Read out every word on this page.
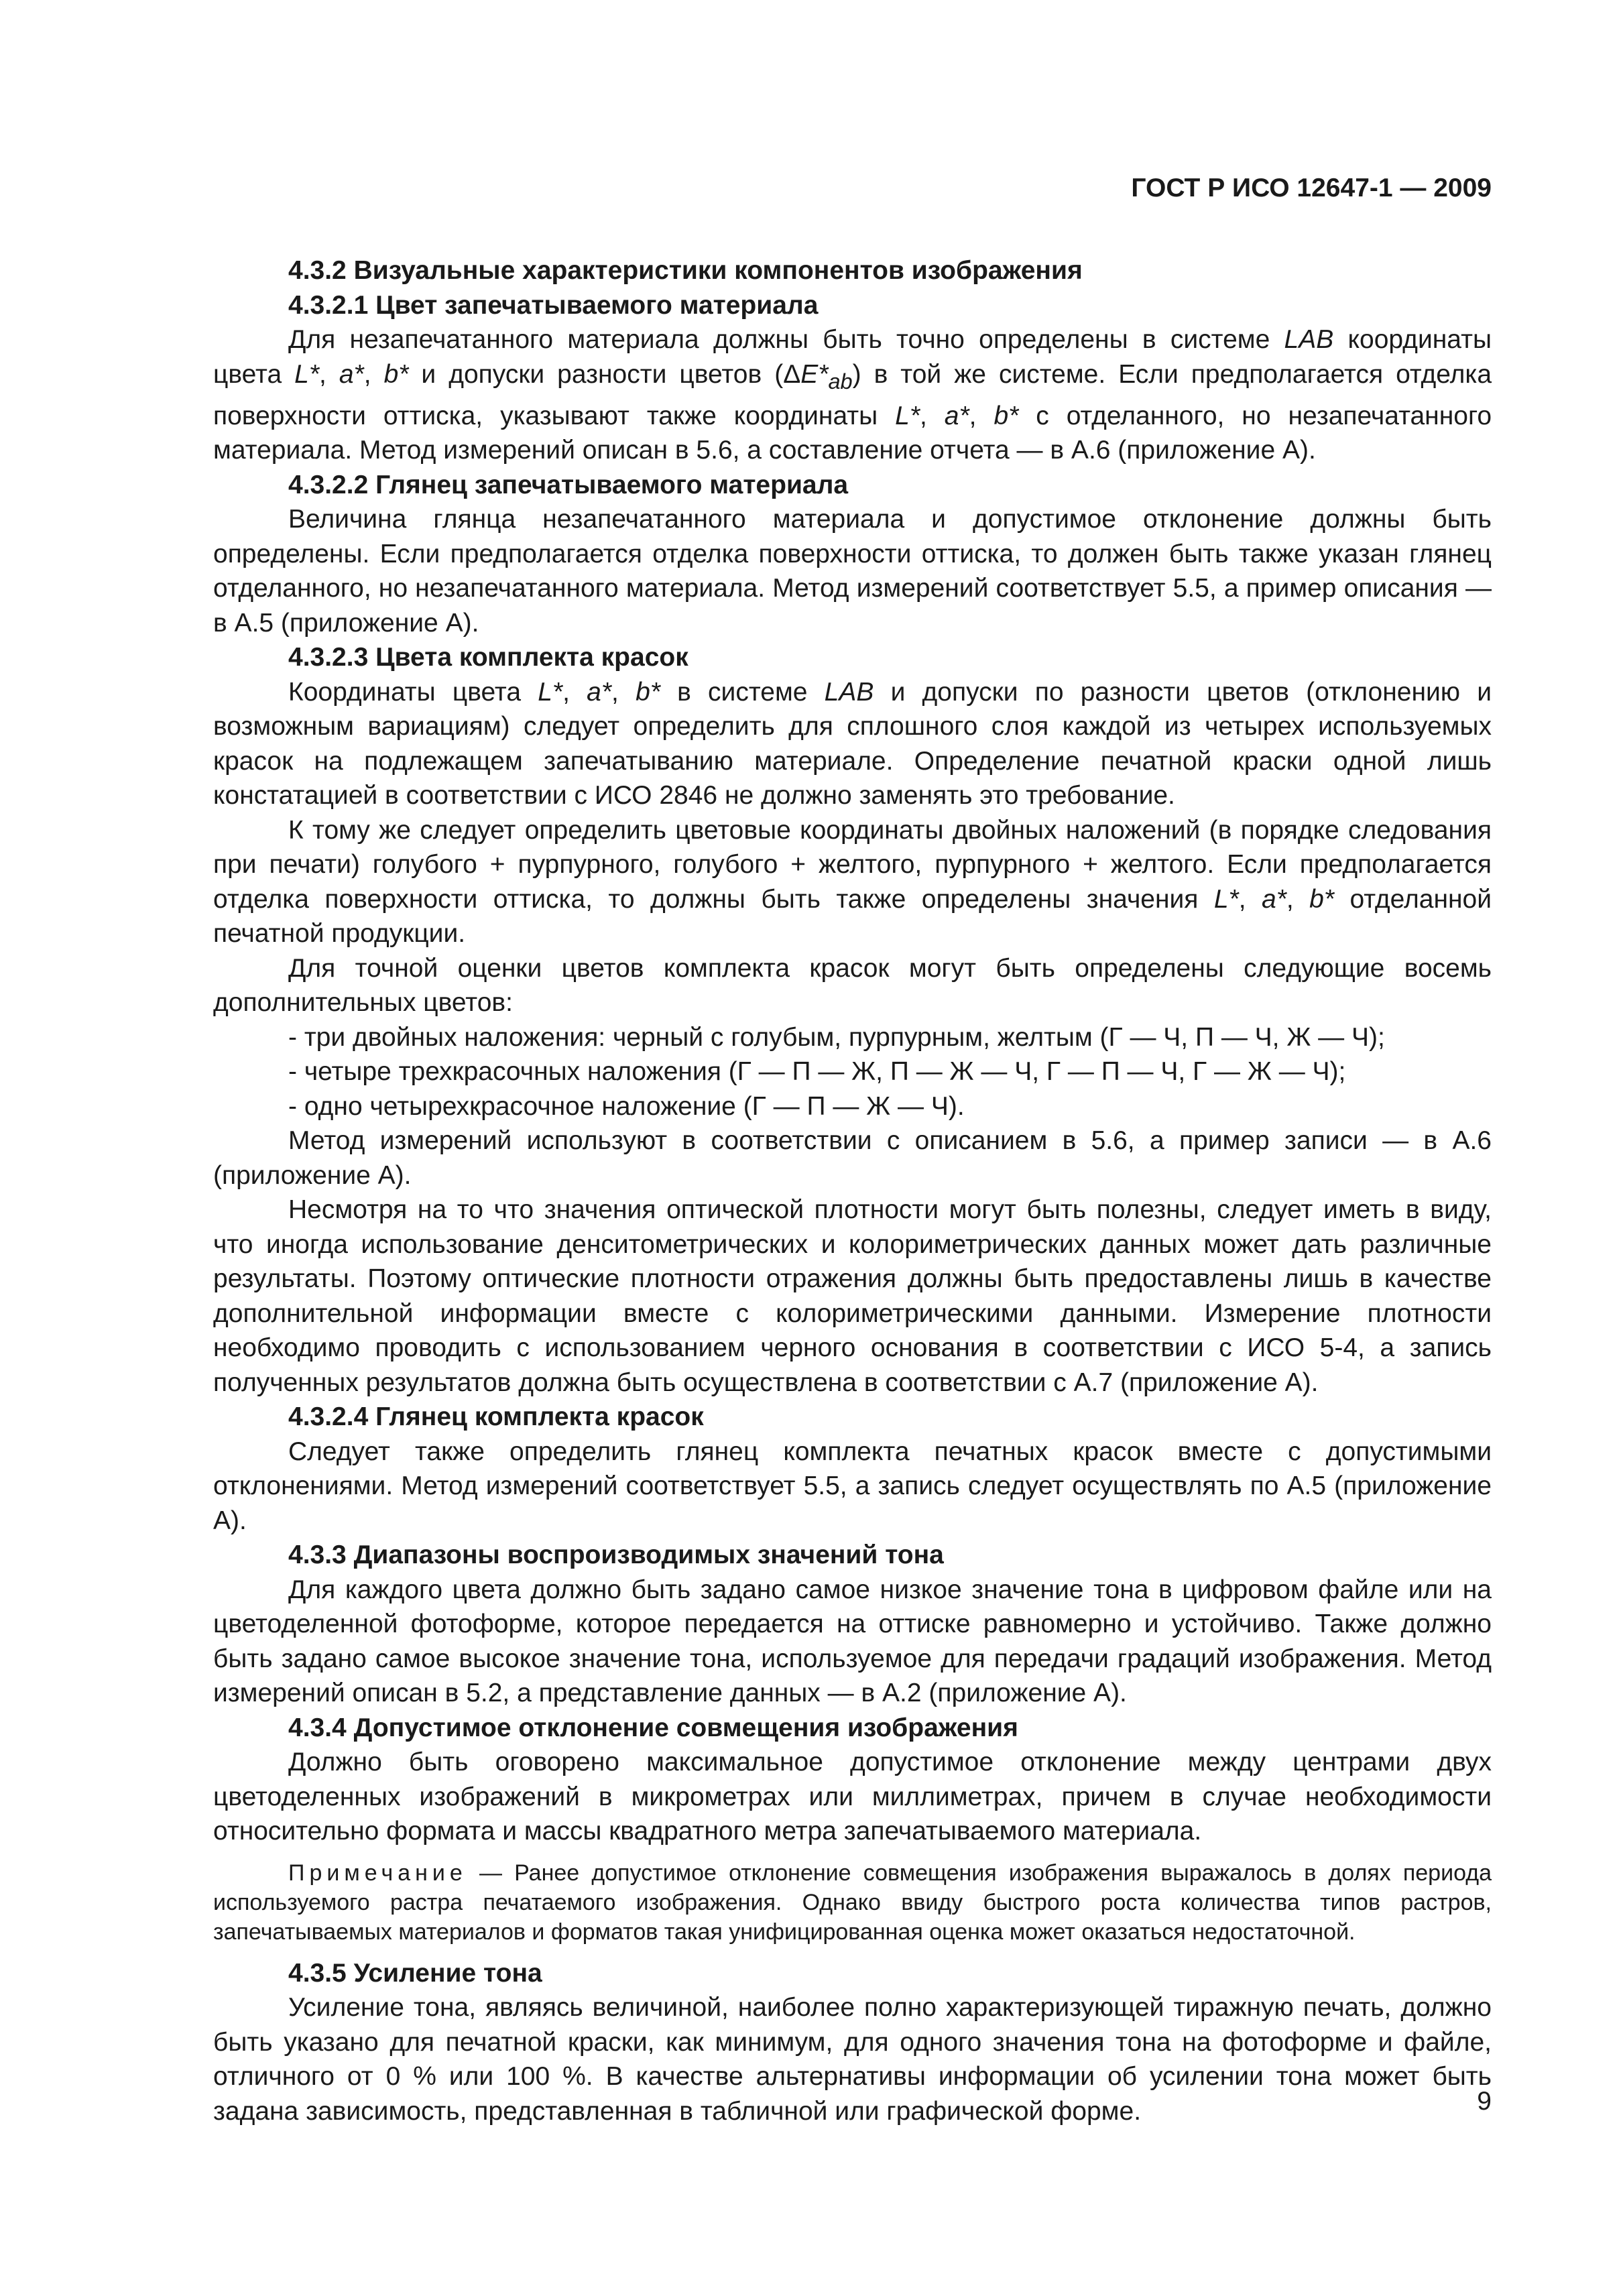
ГОСТ Р ИСО 12647-1 — 2009

4.3.2 Визуальные характеристики компонентов изображения

4.3.2.1 Цвет запечатываемого материала

Для незапечатанного материала должны быть точно определены в системе LAB координаты цвета L*, a*, b* и допуски разности цветов $(\Delta E*_{ab})$ в той же системе. Если предполагается отделка поверхности оттиска, указывают также координаты L*, a*, b* с отделанного, но незапечатанного материала. Метод измерений описан в 5.6, а составление отчета — в А.6 (приложение А).

4.3.2.2 Глянец запечатываемого материала

Величина глянца незапечатанного материала и допустимое отклонение должны быть определены. Если предполагается отделка поверхности оттиска, то должен быть также указан глянец отделанного, но незапечатанного материала. Метод измерений соответствует 5.5, а пример описания — в А.5 (приложение А).

4.3.2.3 Цвета комплекта красок

Координаты цвета L*, a*, b* в системе LAB и допуски по разности цветов (отклонению и возможным вариациям) следует определить для сплошного слоя каждой из четырех используемых красок на подлежащем запечатыванию материале. Определение печатной краски одной лишь констатацией в соответствии с ИСО 2846 не должно заменять это требование.

К тому же следует определить цветовые координаты двойных наложений (в порядке следования при печати) голубого + пурпурного, голубого + желтого, пурпурного + желтого. Если предполагается отделка поверхности оттиска, то должны быть также определены значения L*, a*, b* отделанной печатной продукции.

Для точной оценки цветов комплекта красок могут быть определены следующие восемь дополнительных цветов:

- три двойных наложения: черный с голубым, пурпурным, желтым (Г — Ч, П — Ч, Ж — Ч);

- четыре трехкрасочных наложения (Г — П — Ж, П — Ж — Ч, Г — П — Ч, Г — Ж — Ч);

- одно четырехкрасочное наложение (Г — П — Ж — Ч).

Метод измерений используют в соответствии с описанием в 5.6, а пример записи — в А.6 (приложение А).

Несмотря на то что значения оптической плотности могут быть полезны, следует иметь в виду, что иногда использование денситометрических и колориметрических данных может дать различные результаты. Поэтому оптические плотности отражения должны быть предоставлены лишь в качестве дополнительной информации вместе с колориметрическими данными. Измерение плотности необходимо проводить с использованием черного основания в соответствии с ИСО 5-4, а запись полученных результатов должна быть осуществлена в соответствии с А.7 (приложение А).

4.3.2.4 Глянец комплекта красок

Следует также определить глянец комплекта печатных красок вместе с допустимыми отклонениями. Метод измерений соответствует 5.5, а запись следует осуществлять по А.5 (приложение А).

4.3.3 Диапазоны воспроизводимых значений тона

Для каждого цвета должно быть задано самое низкое значение тона в цифровом файле или на цветоделенной фотоформе, которое передается на оттиске равномерно и устойчиво. Также должно быть задано самое высокое значение тона, используемое для передачи градаций изображения. Метод измерений описан в 5.2, а представление данных — в А.2 (приложение А).

4.3.4 Допустимое отклонение совмещения изображения

Должно быть оговорено максимальное допустимое отклонение между центрами двух цветоделенных изображений в микрометрах или миллиметрах, причем в случае необходимости относительно формата и массы квадратного метра запечатываемого материала.

Примечание — Ранее допустимое отклонение совмещения изображения выражалось в долях периода используемого растра печатаемого изображения. Однако ввиду быстрого роста количества типов растров, запечатываемых материалов и форматов такая унифицированная оценка может оказаться недостаточной.

4.3.5 Усиление тона

Усиление тона, являясь величиной, наиболее полно характеризующей тиражную печать, должно быть указано для печатной краски, как минимум, для одного значения тона на фотоформе и файле, отличного от 0 % или 100 %. В качестве альтернативы информации об усилении тона может быть задана зависимость, представленная в табличной или графической форме.	9
